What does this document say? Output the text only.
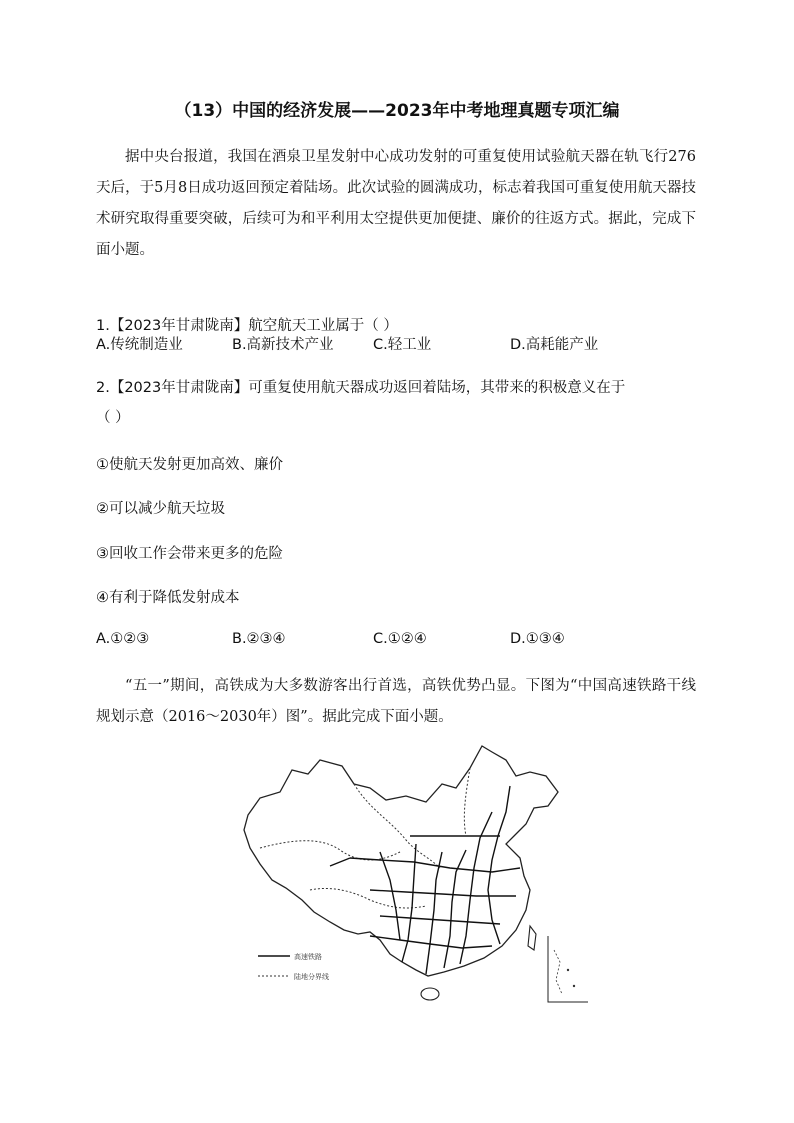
（13）中国的经济发展——2023年中考地理真题专项汇编
据中央台报道，我国在酒泉卫星发射中心成功发射的可重复使用试验航天器在轨飞行276天后，于5月8日成功返回预定着陆场。此次试验的圆满成功，标志着我国可重复使用航天器技术研究取得重要突破，后续可为和平利用太空提供更加便捷、廉价的往返方式。据此，完成下面小题。
1.【2023年甘肃陇南】航空航天工业属于（ ）
A.传统制造业	B.高新技术产业	C.轻工业	D.高耗能产业
2.【2023年甘肃陇南】可重复使用航天器成功返回着陆场，其带来的积极意义在于
（ ）
①使航天发射更加高效、廉价
②可以减少航天垃圾
③回收工作会带来更多的危险
④有利于降低发射成本
A.①②③	B.②③④	C.①②④	D.①③④
“五一”期间，高铁成为大多数游客出行首选，高铁优势凸显。下图为“中国高速铁路干线规划示意（2016～2030年）图”。据此完成下面小题。
高速铁路
陆地分界线
